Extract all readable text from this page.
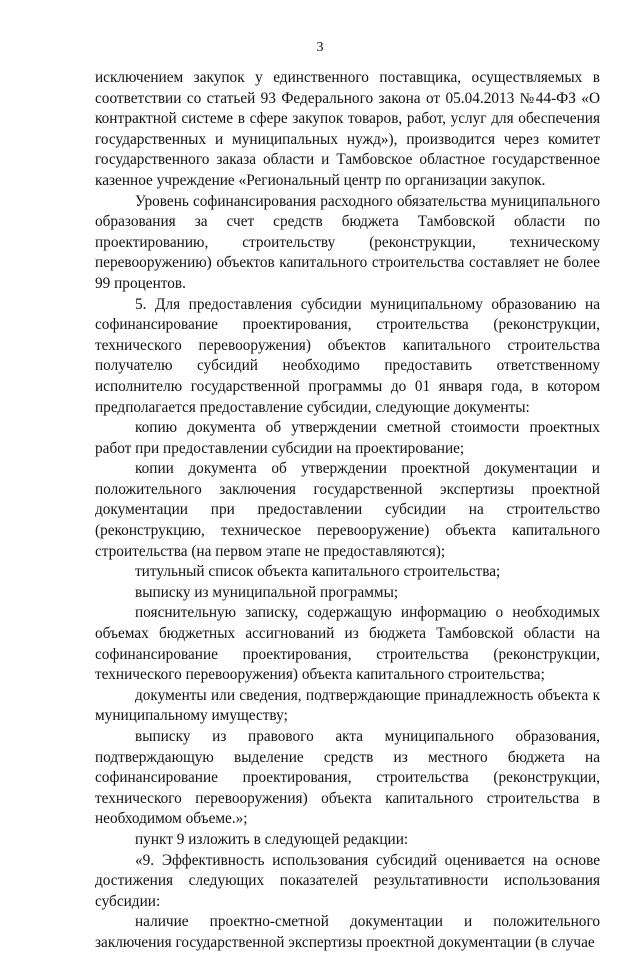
3

исключением закупок у единственного поставщика, осуществляемых в соответствии со статьей 93 Федерального закона от 05.04.2013 №44-ФЗ «О контрактной системе в сфере закупок товаров, работ, услуг для обеспечения государственных и муниципальных нужд»), производится через комитет государственного заказа области и Тамбовское областное государственное казенное учреждение «Региональный центр по организации закупок.

Уровень софинансирования расходного обязательства муниципального образования за счет средств бюджета Тамбовской области по проектированию, строительству (реконструкции, техническому перевооружению) объектов капитального строительства составляет не более 99 процентов.

5. Для предоставления субсидии муниципальному образованию на софинансирование проектирования, строительства (реконструкции, технического перевооружения) объектов капитального строительства получателю субсидий необходимо предоставить ответственному исполнителю государственной программы до 01 января года, в котором предполагается предоставление субсидии, следующие документы:

копию документа об утверждении сметной стоимости проектных работ при предоставлении субсидии на проектирование;

копии документа об утверждении проектной документации и положительного заключения государственной экспертизы проектной документации при предоставлении субсидии на строительство (реконструкцию, техническое перевооружение) объекта капитального строительства (на первом этапе не предоставляются);

титульный список объекта капитального строительства;

выписку из муниципальной программы;

пояснительную записку, содержащую информацию о необходимых объемах бюджетных ассигнований из бюджета Тамбовской области на софинансирование проектирования, строительства (реконструкции, технического перевооружения) объекта капитального строительства;

документы или сведения, подтверждающие принадлежность объекта к муниципальному имуществу;

выписку из правового акта муниципального образования, подтверждающую выделение средств из местного бюджета на софинансирование проектирования, строительства (реконструкции, технического перевооружения) объекта капитального строительства в необходимом объеме.»;

пункт 9 изложить в следующей редакции:

«9. Эффективность использования субсидий оценивается на основе достижения следующих показателей результативности использования субсидии:

наличие проектно-сметной документации и положительного заключения государственной экспертизы проектной документации (в случае
